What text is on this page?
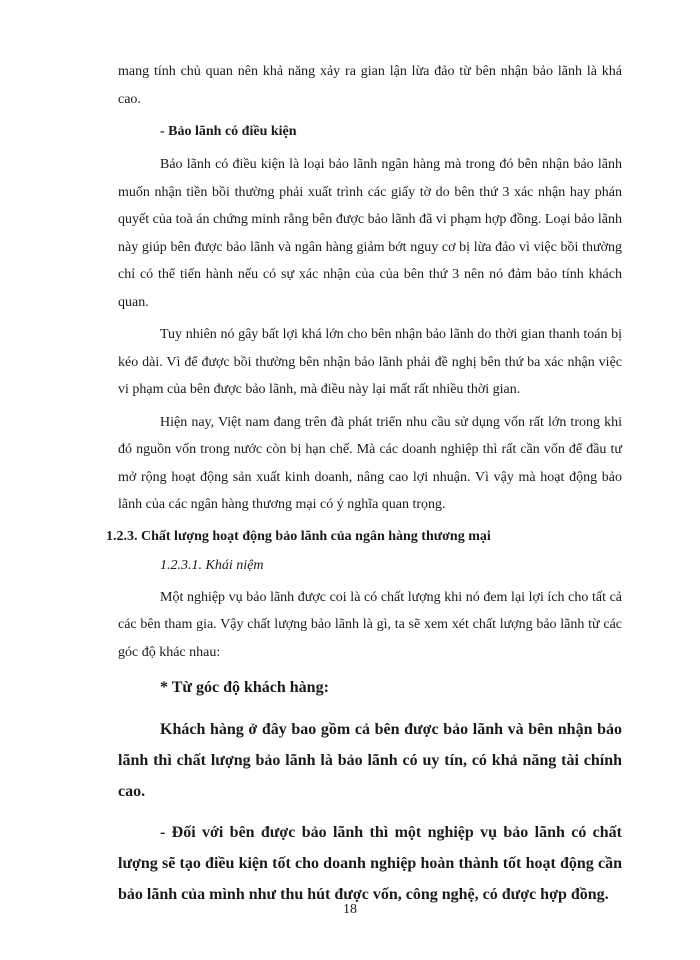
mang tính chủ quan nên khả năng xảy ra gian lận lừa đảo từ bên nhận bảo lãnh là khá cao.

- Bảo lãnh có điều kiện

Bảo lãnh có điều kiện là loại bảo lãnh ngân hàng mà trong đó bên nhận bảo lãnh muốn nhận tiền bồi thường phải xuất trình các giấy tờ do bên thứ 3 xác nhận hay phán quyết của toà án chứng minh rằng bên được bảo lãnh đã vi phạm hợp đồng. Loại bảo lãnh này giúp bên được bảo lãnh và ngân hàng giảm bớt nguy cơ bị lừa đảo vì việc bồi thường chỉ có thể tiến hành nếu có sự xác nhận của của bên thứ 3 nên nó đảm bảo tính khách quan.

Tuy nhiên nó gây bất lợi khá lớn cho bên nhận bảo lãnh do thời gian thanh toán bị kéo dài. Vì để được bồi thường bên nhận bảo lãnh phải đề nghị bên thứ ba xác nhận việc vi phạm của bên được bảo lãnh, mà điều này lại mất rất nhiều thời gian.

Hiện nay, Việt nam đang trên đà phát triển nhu cầu sử dụng vốn rất lớn trong khi đó nguồn vốn trong nước còn bị hạn chế. Mà các doanh nghiệp thì rất cần vốn để đầu tư mở rộng hoạt động sản xuất kinh doanh, nâng cao lợi nhuận. Vì vậy mà hoạt động bảo lãnh của các ngân hàng thương mại có ý nghĩa quan trọng.

1.2.3. Chất lượng hoạt động bảo lãnh của ngân hàng thương mại
1.2.3.1. Khái niệm

Một nghiệp vụ bảo lãnh được coi là có chất lượng khi nó đem lại lợi ích cho tất cả các bên tham gia. Vậy chất lượng bảo lãnh là gì, ta sẽ xem xét chất lượng bảo lãnh từ các góc độ khác nhau:

* Từ góc độ khách hàng:

Khách hàng ở đây bao gồm cả bên được bảo lãnh và bên nhận bảo lãnh thì chất lượng bảo lãnh là bảo lãnh có uy tín, có khả năng tài chính cao.

- Đối với bên được bảo lãnh thì một nghiệp vụ bảo lãnh có chất lượng sẽ tạo điều kiện tốt cho doanh nghiệp hoàn thành tốt hoạt động cần bảo lãnh của mình như thu hút được vốn, công nghệ, có được hợp đồng.

18
